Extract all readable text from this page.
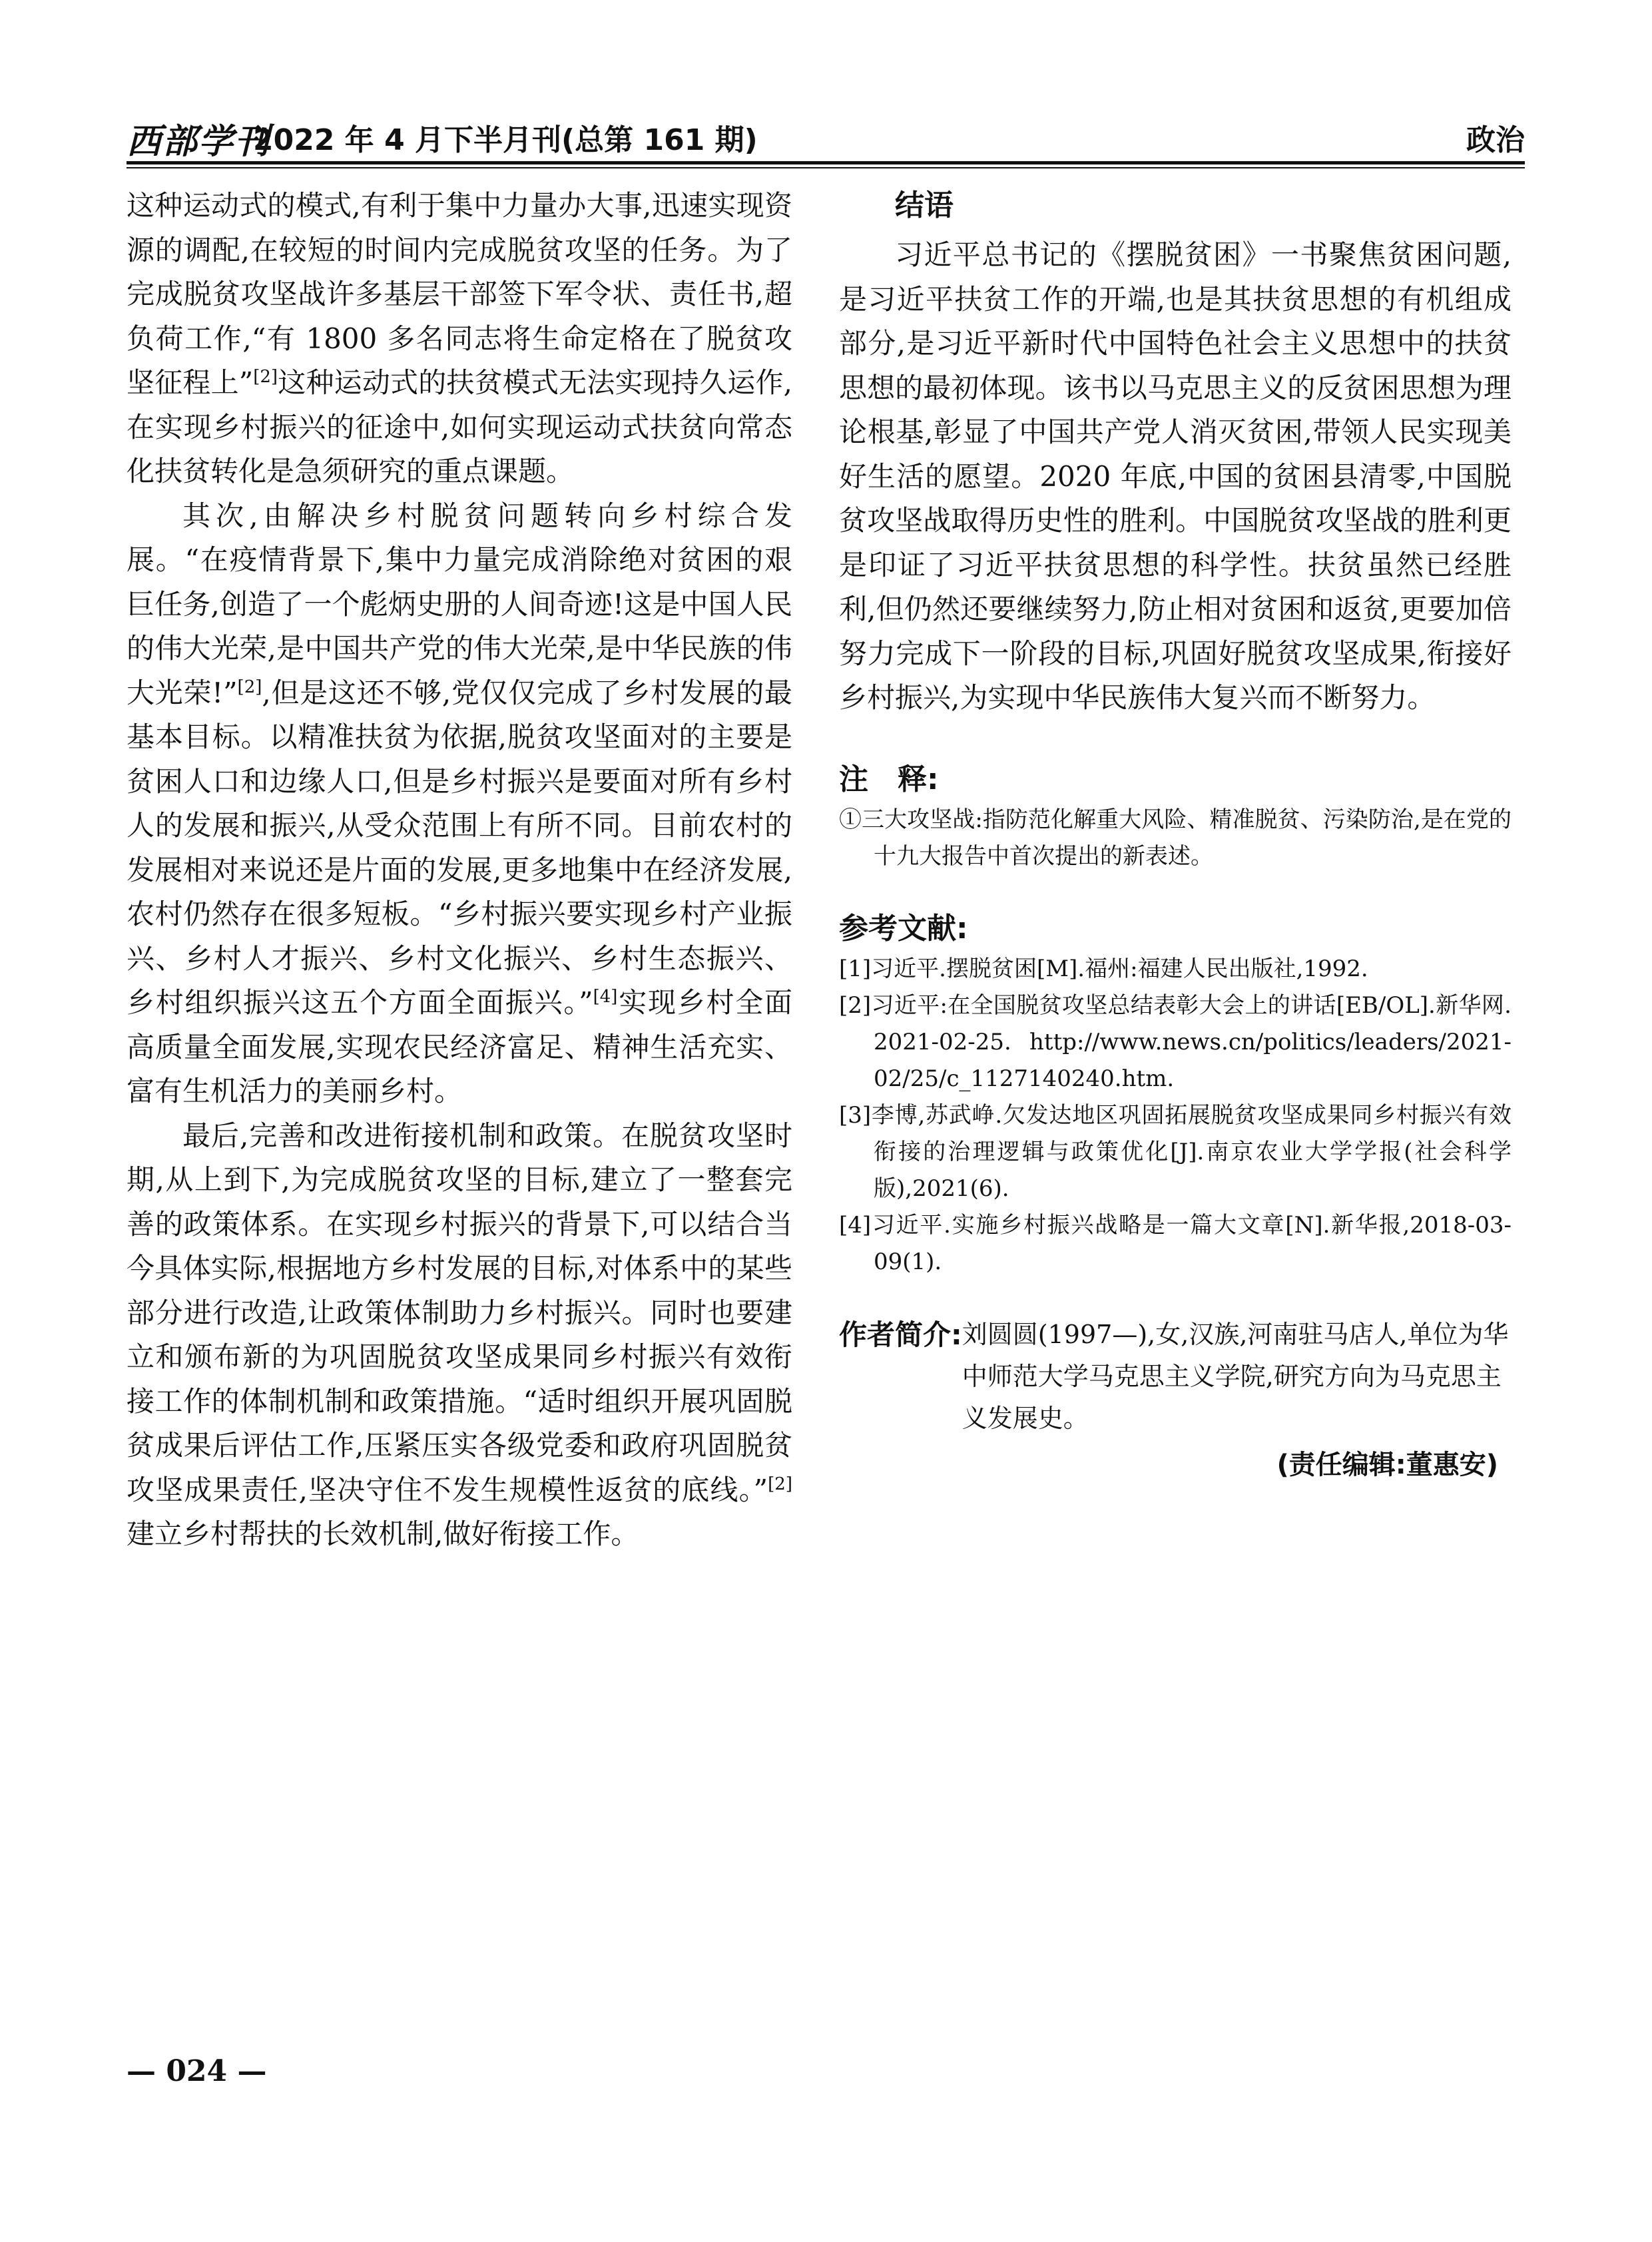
西部学刊
2022 年 4 月下半月刊(总第 161 期)	政治

这种运动式的模式,有利于集中力量办大事,迅速实现资源的调配,在较短的时间内完成脱贫攻坚的任务。为了完成脱贫攻坚战许多基层干部签下军令状、责任书,超负荷工作,“有 1800 多名同志将生命定格在了脱贫攻坚征程上”[2]这种运动式的扶贫模式无法实现持久运作,在实现乡村振兴的征途中,如何实现运动式扶贫向常态化扶贫转化是急须研究的重点课题。

其次,由解决乡村脱贫问题转向乡村综合发展。“在疫情背景下,集中力量完成消除绝对贫困的艰巨任务,创造了一个彪炳史册的人间奇迹!这是中国人民的伟大光荣,是中国共产党的伟大光荣,是中华民族的伟大光荣!”[2],但是这还不够,党仅仅完成了乡村发展的最基本目标。以精准扶贫为依据,脱贫攻坚面对的主要是贫困人口和边缘人口,但是乡村振兴是要面对所有乡村人的发展和振兴,从受众范围上有所不同。目前农村的发展相对来说还是片面的发展,更多地集中在经济发展,农村仍然存在很多短板。“乡村振兴要实现乡村产业振兴、乡村人才振兴、乡村文化振兴、乡村生态振兴、乡村组织振兴这五个方面全面振兴。”[4]实现乡村全面高质量全面发展,实现农民经济富足、精神生活充实、富有生机活力的美丽乡村。

最后,完善和改进衔接机制和政策。在脱贫攻坚时期,从上到下,为完成脱贫攻坚的目标,建立了一整套完善的政策体系。在实现乡村振兴的背景下,可以结合当今具体实际,根据地方乡村发展的目标,对体系中的某些部分进行改造,让政策体制助力乡村振兴。同时也要建立和颁布新的为巩固脱贫攻坚成果同乡村振兴有效衔接工作的体制机制和政策措施。“适时组织开展巩固脱贫成果后评估工作,压紧压实各级党委和政府巩固脱贫攻坚成果责任,坚决守住不发生规模性返贫的底线。”[2]建立乡村帮扶的长效机制,做好衔接工作。

结语

习近平总书记的《摆脱贫困》一书聚焦贫困问题,是习近平扶贫工作的开端,也是其扶贫思想的有机组成部分,是习近平新时代中国特色社会主义思想中的扶贫思想的最初体现。该书以马克思主义的反贫困思想为理论根基,彰显了中国共产党人消灭贫困,带领人民实现美好生活的愿望。2020 年底,中国的贫困县清零,中国脱贫攻坚战取得历史性的胜利。中国脱贫攻坚战的胜利更是印证了习近平扶贫思想的科学性。扶贫虽然已经胜利,但仍然还要继续努力,防止相对贫困和返贫,更要加倍努力完成下一阶段的目标,巩固好脱贫攻坚成果,衔接好乡村振兴,为实现中华民族伟大复兴而不断努力。

注　释:

①三大攻坚战:指防范化解重大风险、精准脱贫、污染防治,是在党的十九大报告中首次提出的新表述。

参考文献:

[1]习近平.摆脱贫困[M].福州:福建人民出版社,1992.

[2]习近平:在全国脱贫攻坚总结表彰大会上的讲话[EB/OL].新华网.2021-02-25. http://www.news.cn/politics/leaders/2021-02/25/c_1127140240.htm.

[3]李博,苏武峥.欠发达地区巩固拓展脱贫攻坚成果同乡村振兴有效衔接的治理逻辑与政策优化[J].南京农业大学学报(社会科学版),2021(6).

[4]习近平.实施乡村振兴战略是一篇大文章[N].新华报,2018-03-09(1).

作者简介: 刘圆圆(1997—),女,汉族,河南驻马店人,单位为华中师范大学马克思主义学院,研究方向为马克思主义发展史。
(责任编辑:董惠安)
— 024 —
